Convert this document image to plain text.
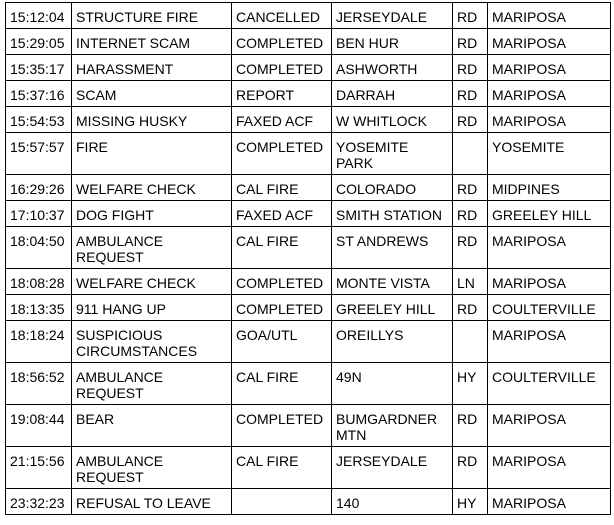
15:12:04	STRUCTURE FIRE	CANCELLED	JERSEYDALE	RD	MARIPOSA
15:29:05	INTERNET SCAM	COMPLETED	BEN HUR	RD	MARIPOSA
15:35:17	HARASSMENT	COMPLETED	ASHWORTH	RD	MARIPOSA
15:37:16	SCAM	REPORT	DARRAH	RD	MARIPOSA
15:54:53	MISSING HUSKY	FAXED ACF	W WHITLOCK	RD	MARIPOSA
15:57:57	FIRE	COMPLETED	YOSEMITE PARK		YOSEMITE
16:29:26	WELFARE CHECK	CAL FIRE	COLORADO	RD	MIDPINES
17:10:37	DOG FIGHT	FAXED ACF	SMITH STATION	RD	GREELEY HILL
18:04:50	AMBULANCE REQUEST	CAL FIRE	ST ANDREWS	RD	MARIPOSA
18:08:28	WELFARE CHECK	COMPLETED	MONTE VISTA	LN	MARIPOSA
18:13:35	911 HANG UP	COMPLETED	GREELEY HILL	RD	COULTERVILLE
18:18:24	SUSPICIOUS CIRCUMSTANCES	GOA/UTL	OREILLYS		MARIPOSA
18:56:52	AMBULANCE REQUEST	CAL FIRE	49N	HY	COULTERVILLE
19:08:44	BEAR	COMPLETED	BUMGARDNER MTN	RD	MARIPOSA
21:15:56	AMBULANCE REQUEST	CAL FIRE	JERSEYDALE	RD	MARIPOSA
23:32:23	REFUSAL TO LEAVE		140	HY	MARIPOSA
